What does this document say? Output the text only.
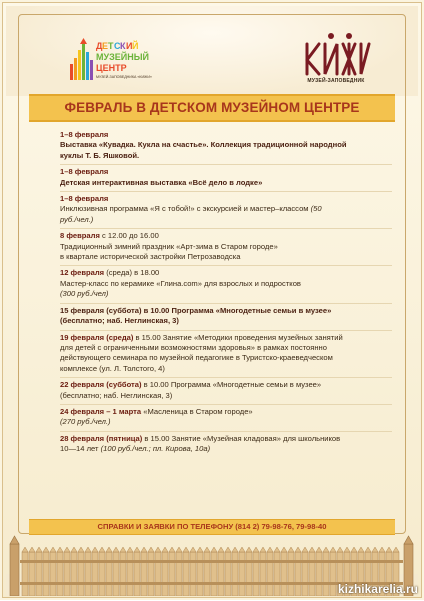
Д Е Т С К И Й
МУЗЕЙНЫЙ
ЦЕНТР
МУЗЕЙ-ЗАПОВЕДНИКА «КИЖИ»
МУЗЕЙ-ЗАПОВЕДНИК
ФЕВРАЛЬ В ДЕТСКОМ МУЗЕЙНОМ ЦЕНТРЕ
1–8 февраля
Выставка «Кувадка. Кукла на счастье». Коллекция традиционной народной
куклы Т. Б. Яшковой.
1–8 февраля
Детская интерактивная выставка «Всё дело в лодке»
1–8 февраля
Инклюзивная программа «Я с тобой!» с экскурсией и мастер–классом (50
руб./чел.)
8 февраля с 12.00 до 16.00
Традиционный зимний праздник «Арт-зима в Старом городе»
в квартале исторической застройки Петрозаводска
12 февраля (среда) в 18.00
Мастер-класс по керамике «Глина.com» для взрослых и подростков
(300 руб./чел)
15 февраля (суббота) в 10.00 Программа «Многодетные семьи в музее»
(бесплатно; наб. Неглинская, 3)
19 февраля (среда) в 15.00 Занятие «Методики проведения музейных занятий
для детей с ограниченными возможностями здоровья» в рамках постоянно
действующего семинара по музейной педагогике в Туристско-краеведческом
комплексе (ул. Л. Толстого, 4)
22 февраля (суббота) в 10.00 Программа «Многодетные семьи в музее»
(бесплатно; наб. Неглинская, 3)
24 февраля – 1 марта «Масленица в Старом городе»
(270 руб./чел.)
28 февраля (пятница) в 15.00 Занятие «Музейная кладовая» для школьников
10—14 лет (100 руб./чел.; пл. Кирова, 10а)
СПРАВКИ И ЗАЯВКИ ПО ТЕЛЕФОНУ (814 2) 79-98-76, 79-98-40
kizhikarelia.ru
